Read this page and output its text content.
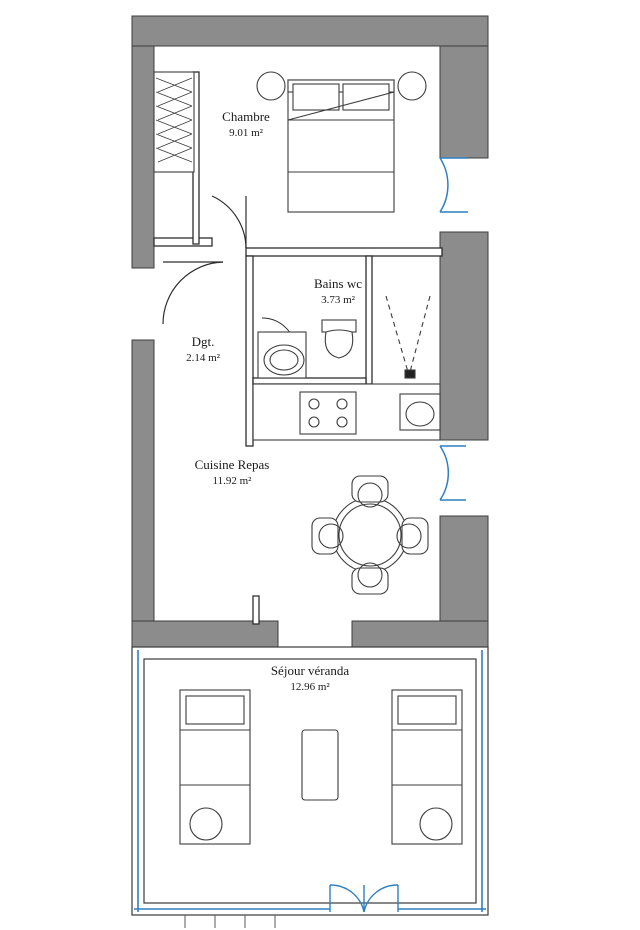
Chambre
9.01 m²
Bains wc
3.73 m²
Dgt.
2.14 m²
Cuisine Repas
11.92 m²
Séjour véranda
12.96 m²
